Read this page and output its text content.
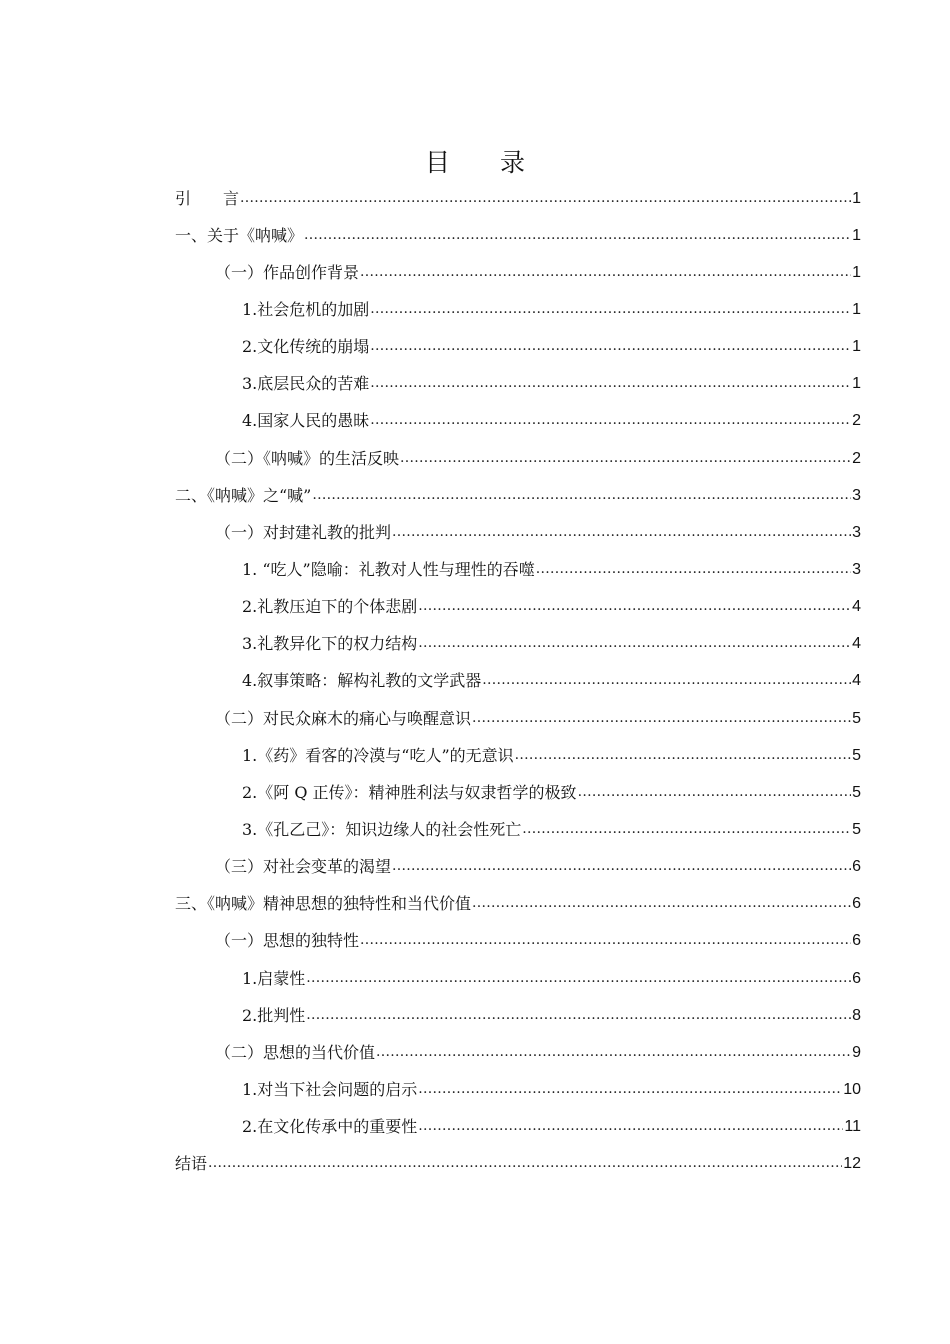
目　　录
引　　言 .....	1
一、关于《呐喊》 .....	1
（一）作品创作背景 .....	1
1.社会危机的加剧 .....	1
2.文化传统的崩塌 .....	1
3.底层民众的苦难 .....	1
4.国家人民的愚昧 .....	2
（二）《呐喊》的生活反映 .....	2
二、《呐喊》之“喊” .....	3
（一）对封建礼教的批判 .....	3
1. “吃人”隐喻：礼教对人性与理性的吞噬 .....	3
2.礼教压迫下的个体悲剧 .....	4
3.礼教异化下的权力结构 .....	4
4.叙事策略：解构礼教的文学武器 .....	4
（二）对民众麻木的痛心与唤醒意识 .....	5
1.《药》看客的冷漠与“吃人”的无意识 .....	5
2.《阿 Q 正传》：精神胜利法与奴隶哲学的极致 .....	5
3.《孔乙己》：知识边缘人的社会性死亡 .....	5
（三）对社会变革的渴望 .....	6
三、《呐喊》精神思想的独特性和当代价值 .....	6
（一）思想的独特性 .....	6
1.启蒙性 .....	6
2.批判性 .....	8
（二）思想的当代价值 .....	9
1.对当下社会问题的启示 .....	10
2.在文化传承中的重要性 .....	11
结语 .....	12
